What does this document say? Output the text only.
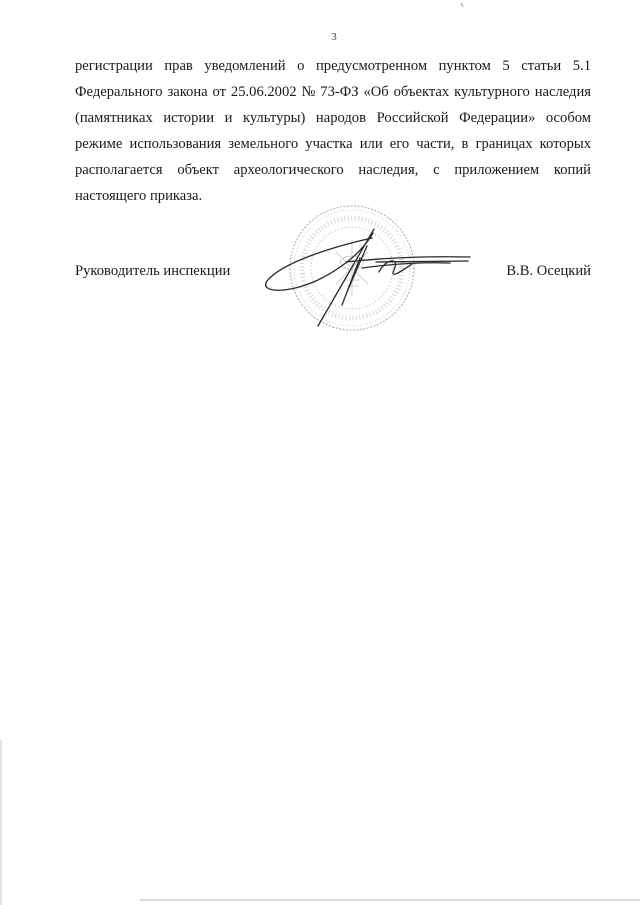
3
регистрации прав уведомлений о предусмотренном пунктом 5 статьи 5.1
Федерального закона от 25.06.2002 № 73-ФЗ «Об объектах культурного наследия
(памятниках истории и культуры) народов Российской Федерации» особом
режиме использования земельного участка или его части, в границах которых
располагается объект археологического наследия, с приложением копий
настоящего приказа.
Руководитель инспекции	В.В. Осецкий
